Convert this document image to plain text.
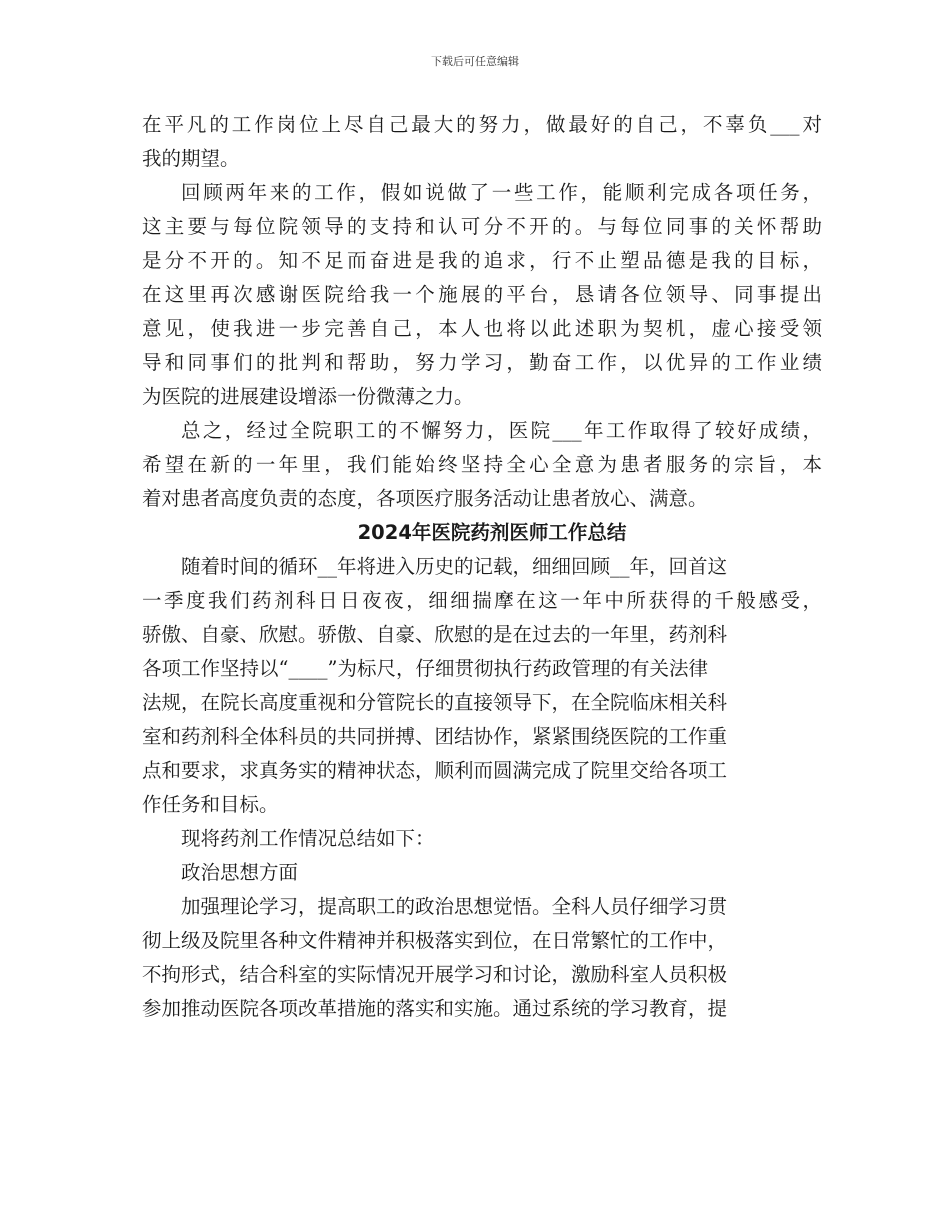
下载后可任意编辑
在平凡的工作岗位上尽自己最大的努力，做最好的自己，不辜负___对
我的期望。
回顾两年来的工作，假如说做了一些工作，能顺利完成各项任务，
这主要与每位院领导的支持和认可分不开的。与每位同事的关怀帮助
是分不开的。知不足而奋进是我的追求，行不止塑品德是我的目标，
在这里再次感谢医院给我一个施展的平台，恳请各位领导、同事提出
意见，使我进一步完善自己，本人也将以此述职为契机，虚心接受领
导和同事们的批判和帮助，努力学习，勤奋工作，以优异的工作业绩
为医院的进展建设增添一份微薄之力。
总之，经过全院职工的不懈努力，医院___年工作取得了较好成绩，
希望在新的一年里，我们能始终坚持全心全意为患者服务的宗旨，本
着对患者高度负责的态度，各项医疗服务活动让患者放心、满意。
2024年医院药剂医师工作总结
随着时间的循环__年将进入历史的记载，细细回顾__年，回首这
一季度我们药剂科日日夜夜，细细揣摩在这一年中所获得的千般感受，
骄傲、自豪、欣慰。骄傲、自豪、欣慰的是在过去的一年里，药剂科
各项工作坚持以“____”为标尺，仔细贯彻执行药政管理的有关法律
法规，在院长高度重视和分管院长的直接领导下，在全院临床相关科
室和药剂科全体科员的共同拼搏、团结协作，紧紧围绕医院的工作重
点和要求，求真务实的精神状态，顺利而圆满完成了院里交给各项工
作任务和目标。
现将药剂工作情况总结如下：
政治思想方面
加强理论学习，提高职工的政治思想觉悟。全科人员仔细学习贯
彻上级及院里各种文件精神并积极落实到位，在日常繁忙的工作中，
不拘形式，结合科室的实际情况开展学习和讨论，激励科室人员积极
参加推动医院各项改革措施的落实和实施。通过系统的学习教育，提
